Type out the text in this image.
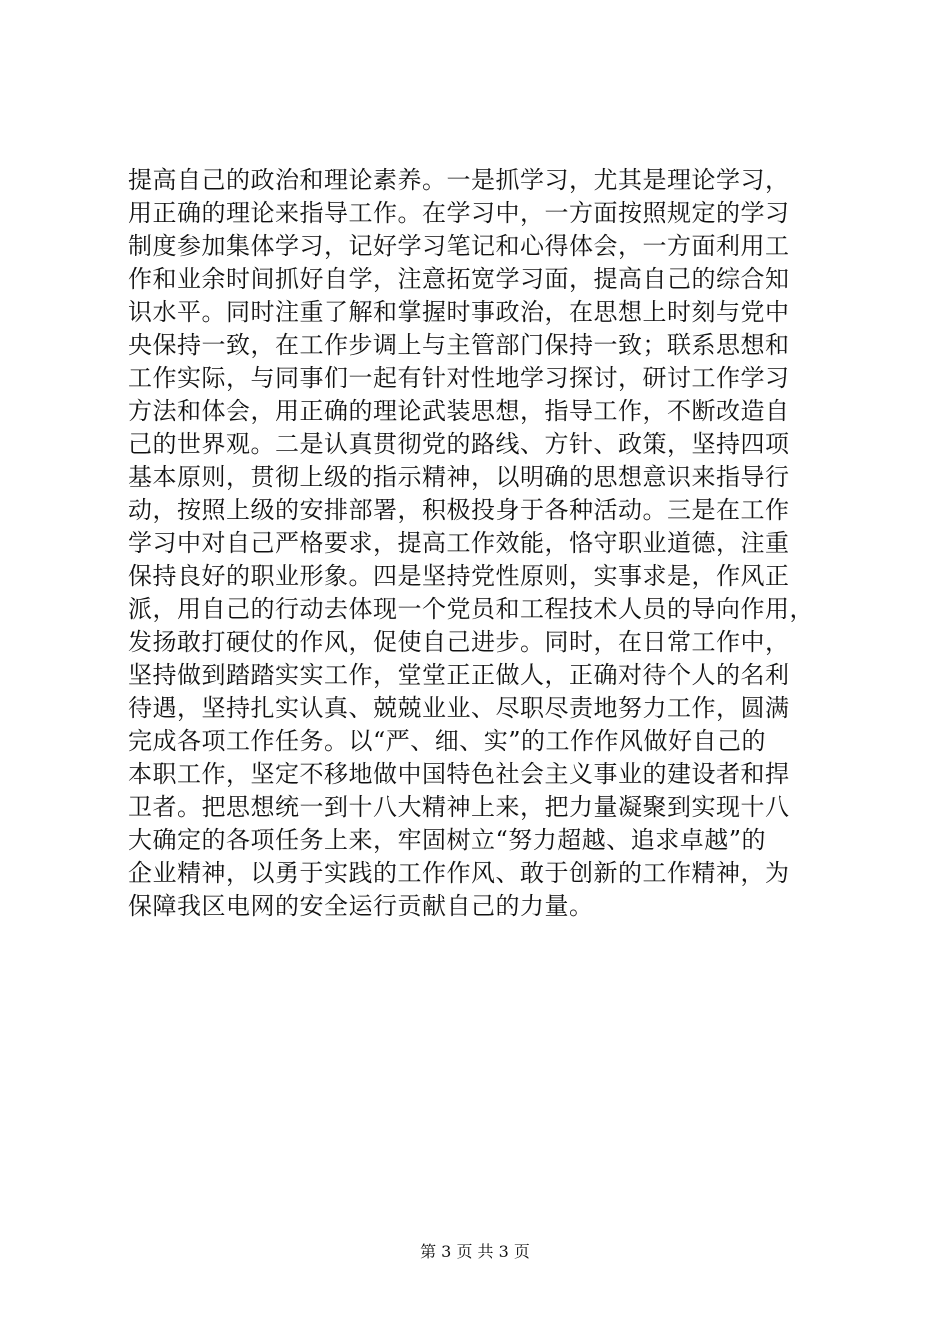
提高自己的政治和理论素养。一是抓学习，尤其是理论学习，
用正确的理论来指导工作。在学习中，一方面按照规定的学习
制度参加集体学习，记好学习笔记和心得体会，一方面利用工
作和业余时间抓好自学，注意拓宽学习面，提高自己的综合知
识水平。同时注重了解和掌握时事政治，在思想上时刻与党中
央保持一致，在工作步调上与主管部门保持一致；联系思想和
工作实际，与同事们一起有针对性地学习探讨，研讨工作学习
方法和体会，用正确的理论武装思想，指导工作，不断改造自
己的世界观。二是认真贯彻党的路线、方针、政策，坚持四项
基本原则，贯彻上级的指示精神，以明确的思想意识来指导行
动，按照上级的安排部署，积极投身于各种活动。三是在工作
学习中对自己严格要求，提高工作效能，恪守职业道德，注重
保持良好的职业形象。四是坚持党性原则，实事求是，作风正
派，用自己的行动去体现一个党员和工程技术人员的导向作用，
发扬敢打硬仗的作风，促使自己进步。同时，在日常工作中，
坚持做到踏踏实实工作，堂堂正正做人，正确对待个人的名利
待遇，坚持扎实认真、兢兢业业、尽职尽责地努力工作，圆满
完成各项工作任务。以“严、细、实”的工作作风做好自己的
本职工作，坚定不移地做中国特色社会主义事业的建设者和捍
卫者。把思想统一到十八大精神上来，把力量凝聚到实现十八
大确定的各项任务上来，牢固树立“努力超越、追求卓越”的
企业精神，以勇于实践的工作作风、敢于创新的工作精神，为
保障我区电网的安全运行贡献自己的力量。
第 3 页 共 3 页
